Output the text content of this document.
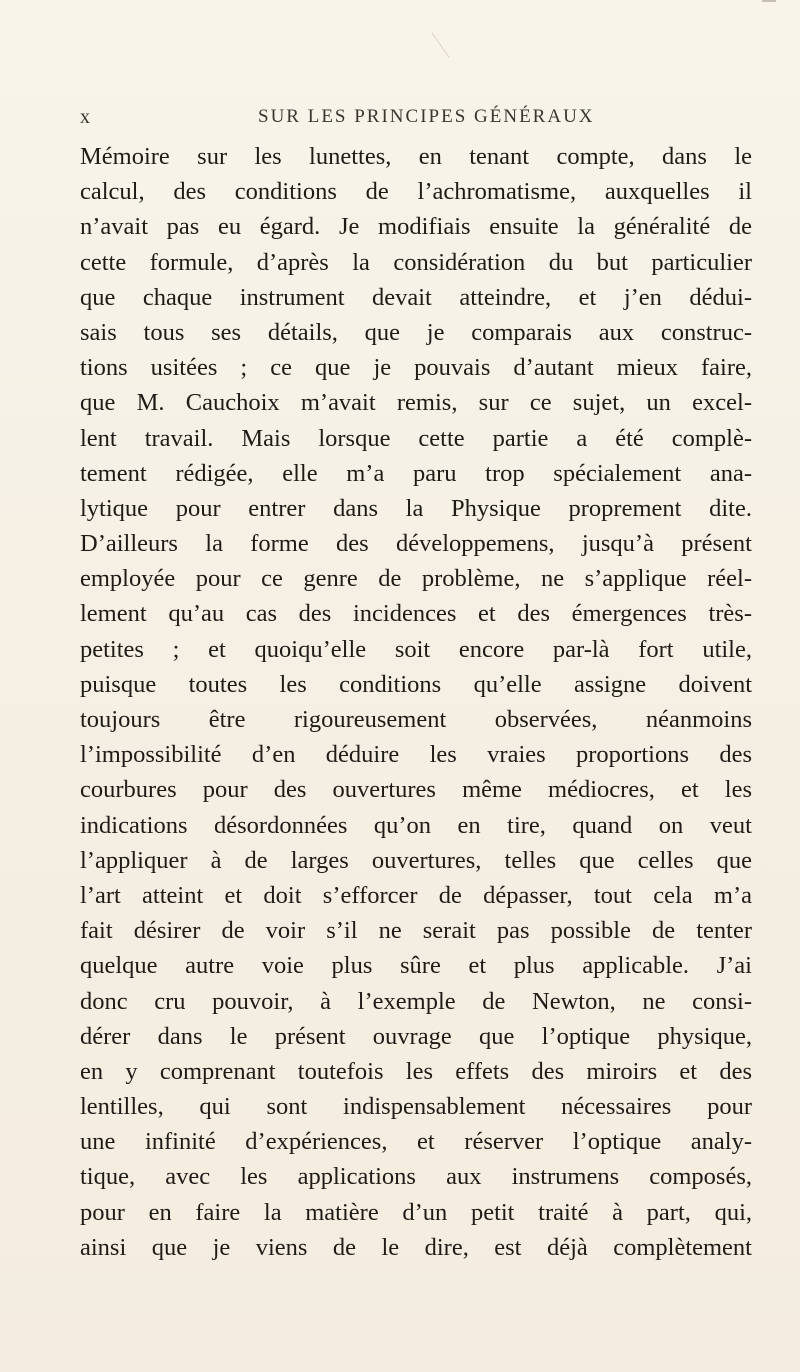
x	SUR LES PRINCIPES GÉNÉRAUX
Mémoire sur les lunettes, en tenant compte, dans le
calcul, des conditions de l’achromatisme, auxquelles il
n’avait pas eu égard. Je modifiais ensuite la généralité de
cette formule, d’après la considération du but particulier
que chaque instrument devait atteindre, et j’en dédui-
sais tous ses détails, que je comparais aux construc-
tions usitées ; ce que je pouvais d’autant mieux faire,
que M. Cauchoix m’avait remis, sur ce sujet, un excel-
lent travail. Mais lorsque cette partie a été complè-
tement rédigée, elle m’a paru trop spécialement ana-
lytique pour entrer dans la Physique proprement dite.
D’ailleurs la forme des développemens, jusqu’à présent
employée pour ce genre de problème, ne s’applique réel-
lement qu’au cas des incidences et des émergences très-
petites ; et quoiqu’elle soit encore par-là fort utile,
puisque toutes les conditions qu’elle assigne doivent
toujours être rigoureusement observées, néanmoins
l’impossibilité d’en déduire les vraies proportions des
courbures pour des ouvertures même médiocres, et les
indications désordonnées qu’on en tire, quand on veut
l’appliquer à de larges ouvertures, telles que celles que
l’art atteint et doit s’efforcer de dépasser, tout cela m’a
fait désirer de voir s’il ne serait pas possible de tenter
quelque autre voie plus sûre et plus applicable. J’ai
donc cru pouvoir, à l’exemple de Newton, ne consi-
dérer dans le présent ouvrage que l’optique physique,
en y comprenant toutefois les effets des miroirs et des
lentilles, qui sont indispensablement nécessaires pour
une infinité d’expériences, et réserver l’optique analy-
tique, avec les applications aux instrumens composés,
pour en faire la matière d’un petit traité à part, qui,
ainsi que je viens de le dire, est déjà complètement
